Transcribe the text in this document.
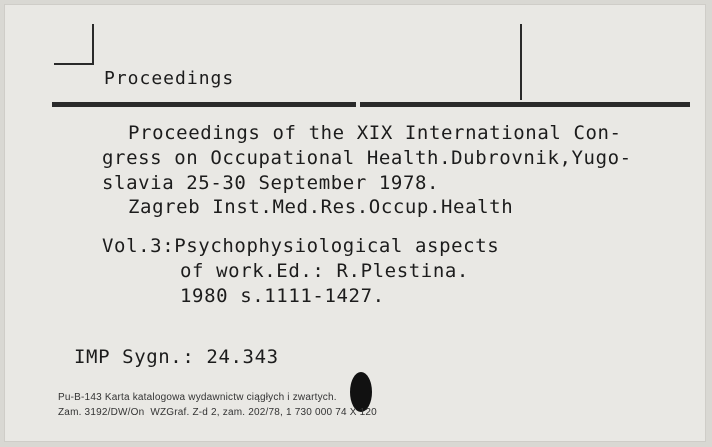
Proceedings
Proceedings of the XIX International Con-
gress on Occupational Health.Dubrovnik,Yugo-
slavia 25-30 September 1978.
Zagreb Inst.Med.Res.Occup.Health
Vol.3:Psychophysiological aspects
of work.Ed.: R.Plestina.
1980 s.1111-1427.
IMP Sygn.: 24.343
Pu-B-143 Karta katalogowa wydawnictw ciągłych i zwartych.
Zam. 3192/DW/On  WZGraf. Z-d 2, zam. 202/78, 1 730 000 74 X 120
